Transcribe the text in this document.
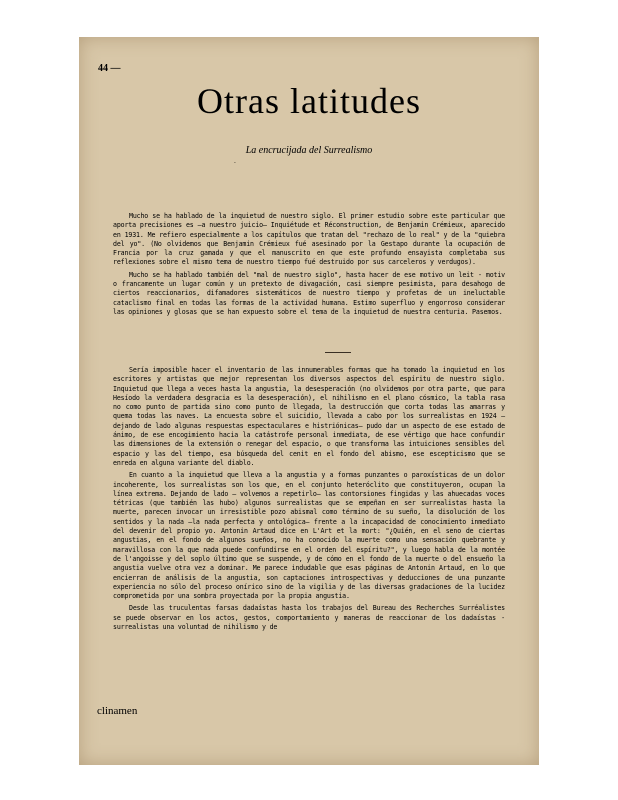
44 —
Otras latitudes
La encrucijada del Surrealismo
·

Mucho se ha hablado de la inquietud de nuestro siglo. El primer estudio sobre este particular que aporta precisiones es —a nuestro juicio— Inquiétude et Réconstruction, de Benjamin Crémieux, aparecido en 1931. Me refiero especialmente a los capítulos que tratan del "rechazo de lo real" y de la "quiebra del yo". (No olvidemos que Benjamin Crémieux fué asesinado por la Gestapo durante la ocupación de Francia por la cruz gamada y que el manuscrito en que este profundo ensayista completaba sus reflexiones sobre el mismo tema de nuestro tiempo fué destruido por sus carceleros y verdugos).

Mucho se ha hablado también del "mal de nuestro siglo", hasta hacer de ese motivo un leit - motiv o francamente un lugar común y un pretexto de divagación, casi siempre pesimista, para desahogo de ciertos reaccionarios, difamadores sistemáticos de nuestro tiempo y profetas de un ineluctable cataclismo final en todas las formas de la actividad humana. Estimo superfluo y engorroso considerar las opiniones y glosas que se han expuesto sobre el tema de la inquietud de nuestra centuria. Pasemos.

Sería imposible hacer el inventario de las innumerables formas que ha tomado la inquietud en los escritores y artistas que mejor representan los diversos aspectos del espíritu de nuestro siglo. Inquietud que llega a veces hasta la angustia, la desesperación (no olvidemos por otra parte, que para Hesíodo la verdadera desgracia es la desesperación), el nihilismo en el plano cósmico, la tabla rasa no como punto de partida sino como punto de llegada, la destrucción que corta todas las amarras y quema todas las naves. La encuesta sobre el suicidio, llevada a cabo por los surrealistas en 1924 —dejando de lado algunas respuestas espectaculares e histriónicas— pudo dar un aspecto de ese estado de ánimo, de ese encogimiento hacia la catástrofe personal inmediata, de ese vértigo que hace confundir las dimensiones de la extensión o renegar del espacio, o que transforma las intuiciones sensibles del espacio y las del tiempo, esa búsqueda del cenit en el fondo del abismo, ese escepticismo que se enreda en alguna variante del diablo.

En cuanto a la inquietud que lleva a la angustia y a formas punzantes o paroxísticas de un dolor incoherente, los surrealistas son los que, en el conjunto heteróclito que constituyeron, ocupan la línea extrema. Dejando de lado — volvemos a repetirlo— las contorsiones fingidas y las ahuecadas voces tétricas (que también las hubo) algunos surrealistas que se empeñan en ser surrealistas hasta la muerte, parecen invocar un irresistible pozo abismal como término de su sueño, la disolución de los sentidos y la nada —la nada perfecta y ontológica— frente a la incapacidad de conocimiento inmediato del devenir del propio yo. Antonin Artaud dice en L'Art et la mort: "¿Quién, en el seno de ciertas angustias, en el fondo de algunos sueños, no ha conocido la muerte como una sensación quebrante y maravillosa con la que nada puede confundirse en el orden del espíritu?", y luego habla de la montée de l'angoisse y del soplo último que se suspende, y de cómo en el fondo de la muerte o del ensueño la angustia vuelve otra vez a dominar. Me parece indudable que esas páginas de Antonin Artaud, en lo que encierran de análisis de la angustia, son captaciones introspectivas y deducciones de una punzante experiencia no sólo del proceso onírico sino de la vigilia y de las diversas gradaciones de la lucidez comprometida por una sombra proyectada por la propia angustia.

Desde las truculentas farsas dadaístas hasta los trabajos del Bureau des Recherches Surréalistes se puede observar en los actos, gestos, comportamiento y maneras de reaccionar de los dadaístas -surrealistas una voluntad de nihilismo y de

clinamen
